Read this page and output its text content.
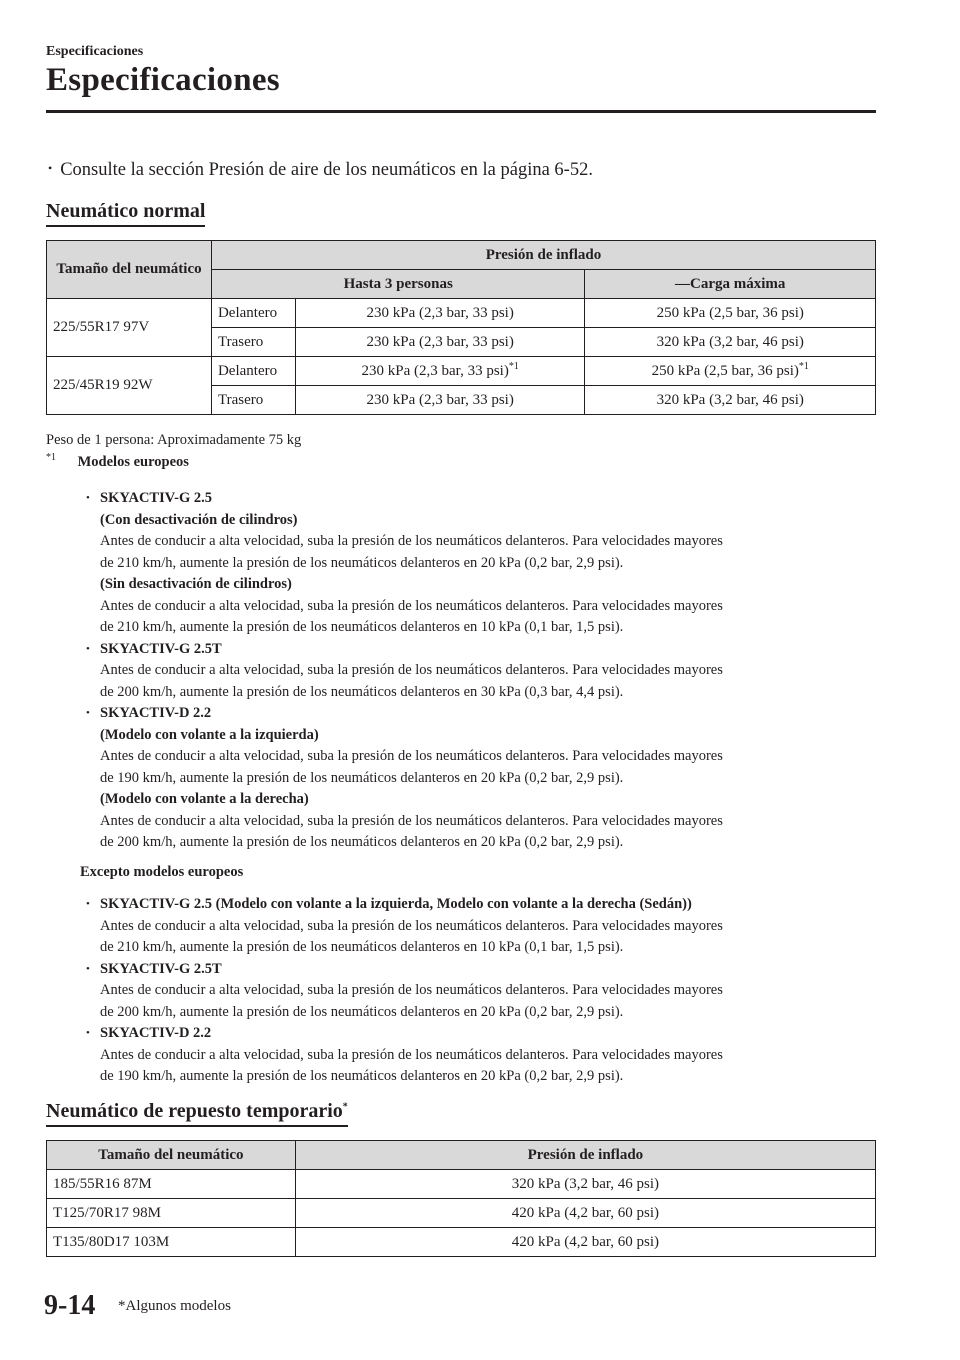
Especificaciones
Especificaciones
• Consulte la sección Presión de aire de los neumáticos en la página 6-52.
Neumático normal
Tamaño del neumático	Presión de inflado		
	Hasta 3 personas		—Carga máxima
225/55R17 97V	Delantero	230 kPa (2,3 bar, 33 psi)	250 kPa (2,5 bar, 36 psi)
	Trasero	230 kPa (2,3 bar, 33 psi)	320 kPa (3,2 bar, 46 psi)
225/45R19 92W	Delantero	230 kPa (2,3 bar, 33 psi)$^{*1}$	250 kPa (2,5 bar, 36 psi)$^{*1}$
	Trasero	230 kPa (2,3 bar, 33 psi)	320 kPa (3,2 bar, 46 psi)
Peso de 1 persona: Aproximadamente 75 kg
$^{*1}$ Modelos europeos
• SKYACTIV-G 2.5
(Con desactivación de cilindros)
Antes de conducir a alta velocidad, suba la presión de los neumáticos delanteros. Para velocidades mayores
de 210 km/h, aumente la presión de los neumáticos delanteros en 20 kPa (0,2 bar, 2,9 psi).
(Sin desactivación de cilindros)
Antes de conducir a alta velocidad, suba la presión de los neumáticos delanteros. Para velocidades mayores
de 210 km/h, aumente la presión de los neumáticos delanteros en 10 kPa (0,1 bar, 1,5 psi).
• SKYACTIV-G 2.5T
Antes de conducir a alta velocidad, suba la presión de los neumáticos delanteros. Para velocidades mayores
de 200 km/h, aumente la presión de los neumáticos delanteros en 30 kPa (0,3 bar, 4,4 psi).
• SKYACTIV-D 2.2
(Modelo con volante a la izquierda)
Antes de conducir a alta velocidad, suba la presión de los neumáticos delanteros. Para velocidades mayores
de 190 km/h, aumente la presión de los neumáticos delanteros en 20 kPa (0,2 bar, 2,9 psi).
(Modelo con volante a la derecha)
Antes de conducir a alta velocidad, suba la presión de los neumáticos delanteros. Para velocidades mayores
de 200 km/h, aumente la presión de los neumáticos delanteros en 20 kPa (0,2 bar, 2,9 psi).
Excepto modelos europeos
• SKYACTIV-G 2.5 (Modelo con volante a la izquierda, Modelo con volante a la derecha (Sedán))
Antes de conducir a alta velocidad, suba la presión de los neumáticos delanteros. Para velocidades mayores
de 210 km/h, aumente la presión de los neumáticos delanteros en 10 kPa (0,1 bar, 1,5 psi).
• SKYACTIV-G 2.5T
Antes de conducir a alta velocidad, suba la presión de los neumáticos delanteros. Para velocidades mayores
de 200 km/h, aumente la presión de los neumáticos delanteros en 20 kPa (0,2 bar, 2,9 psi).
• SKYACTIV-D 2.2
Antes de conducir a alta velocidad, suba la presión de los neumáticos delanteros. Para velocidades mayores
de 190 km/h, aumente la presión de los neumáticos delanteros en 20 kPa (0,2 bar, 2,9 psi).
Neumático de repuesto temporario*
Tamaño del neumático	Presión de inflado
185/55R16 87M	320 kPa (3,2 bar, 46 psi)
T125/70R17 98M	420 kPa (4,2 bar, 60 psi)
T135/80D17 103M	420 kPa (4,2 bar, 60 psi)
9-14 *Algunos modelos
